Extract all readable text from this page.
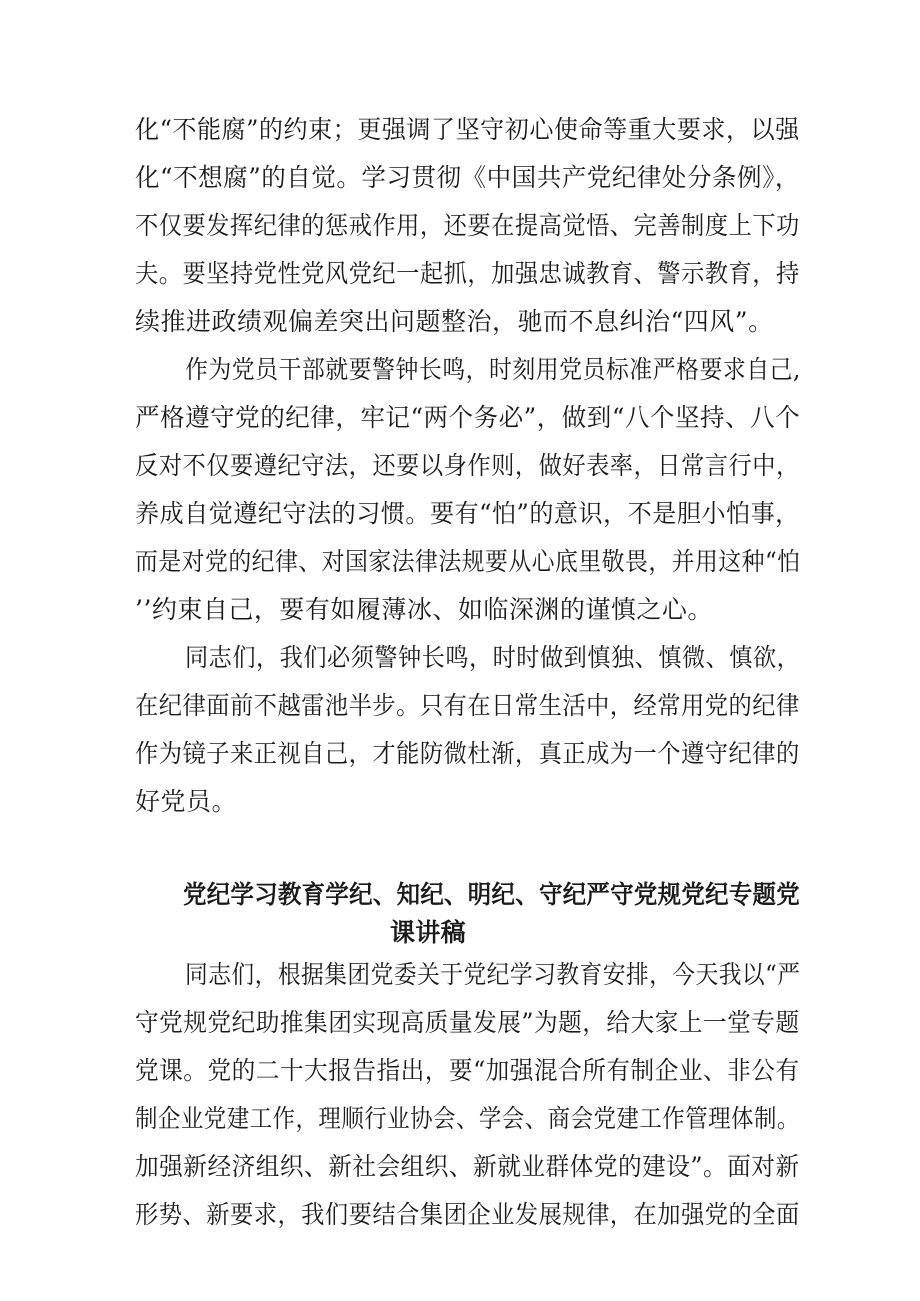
化“不能腐”的约束；更强调了坚守初心使命等重大要求，以强
化“不想腐”的自觉。学习贯彻《中国共产党纪律处分条例》，
不仅要发挥纪律的惩戒作用，还要在提高觉悟、完善制度上下功
夫。要坚持党性党风党纪一起抓，加强忠诚教育、警示教育，持
续推进政绩观偏差突出问题整治，驰而不息纠治“四风”。
作为党员干部就要警钟长鸣，时刻用党员标准严格要求自己,
严格遵守党的纪律，牢记“两个务必”，做到“八个坚持、八个
反对不仅要遵纪守法，还要以身作则，做好表率，日常言行中，
养成自觉遵纪守法的习惯。要有“怕”的意识，不是胆小怕事，
而是对党的纪律、对国家法律法规要从心底里敬畏，并用这种“怕
’’约束自己，要有如履薄冰、如临深渊的谨慎之心。
同志们，我们必须警钟长鸣，时时做到慎独、慎微、慎欲，
在纪律面前不越雷池半步。只有在日常生活中，经常用党的纪律
作为镜子来正视自己，才能防微杜渐，真正成为一个遵守纪律的
好党员。
党纪学习教育学纪、知纪、明纪、守纪严守党规党纪专题党
课讲稿
同志们，根据集团党委关于党纪学习教育安排，今天我以“严
守党规党纪助推集团实现高质量发展”为题，给大家上一堂专题
党课。党的二十大报告指出，要“加强混合所有制企业、非公有
制企业党建工作，理顺行业协会、学会、商会党建工作管理体制。
加强新经济组织、新社会组织、新就业群体党的建设”。面对新
形势、新要求，我们要结合集团企业发展规律，在加强党的全面
